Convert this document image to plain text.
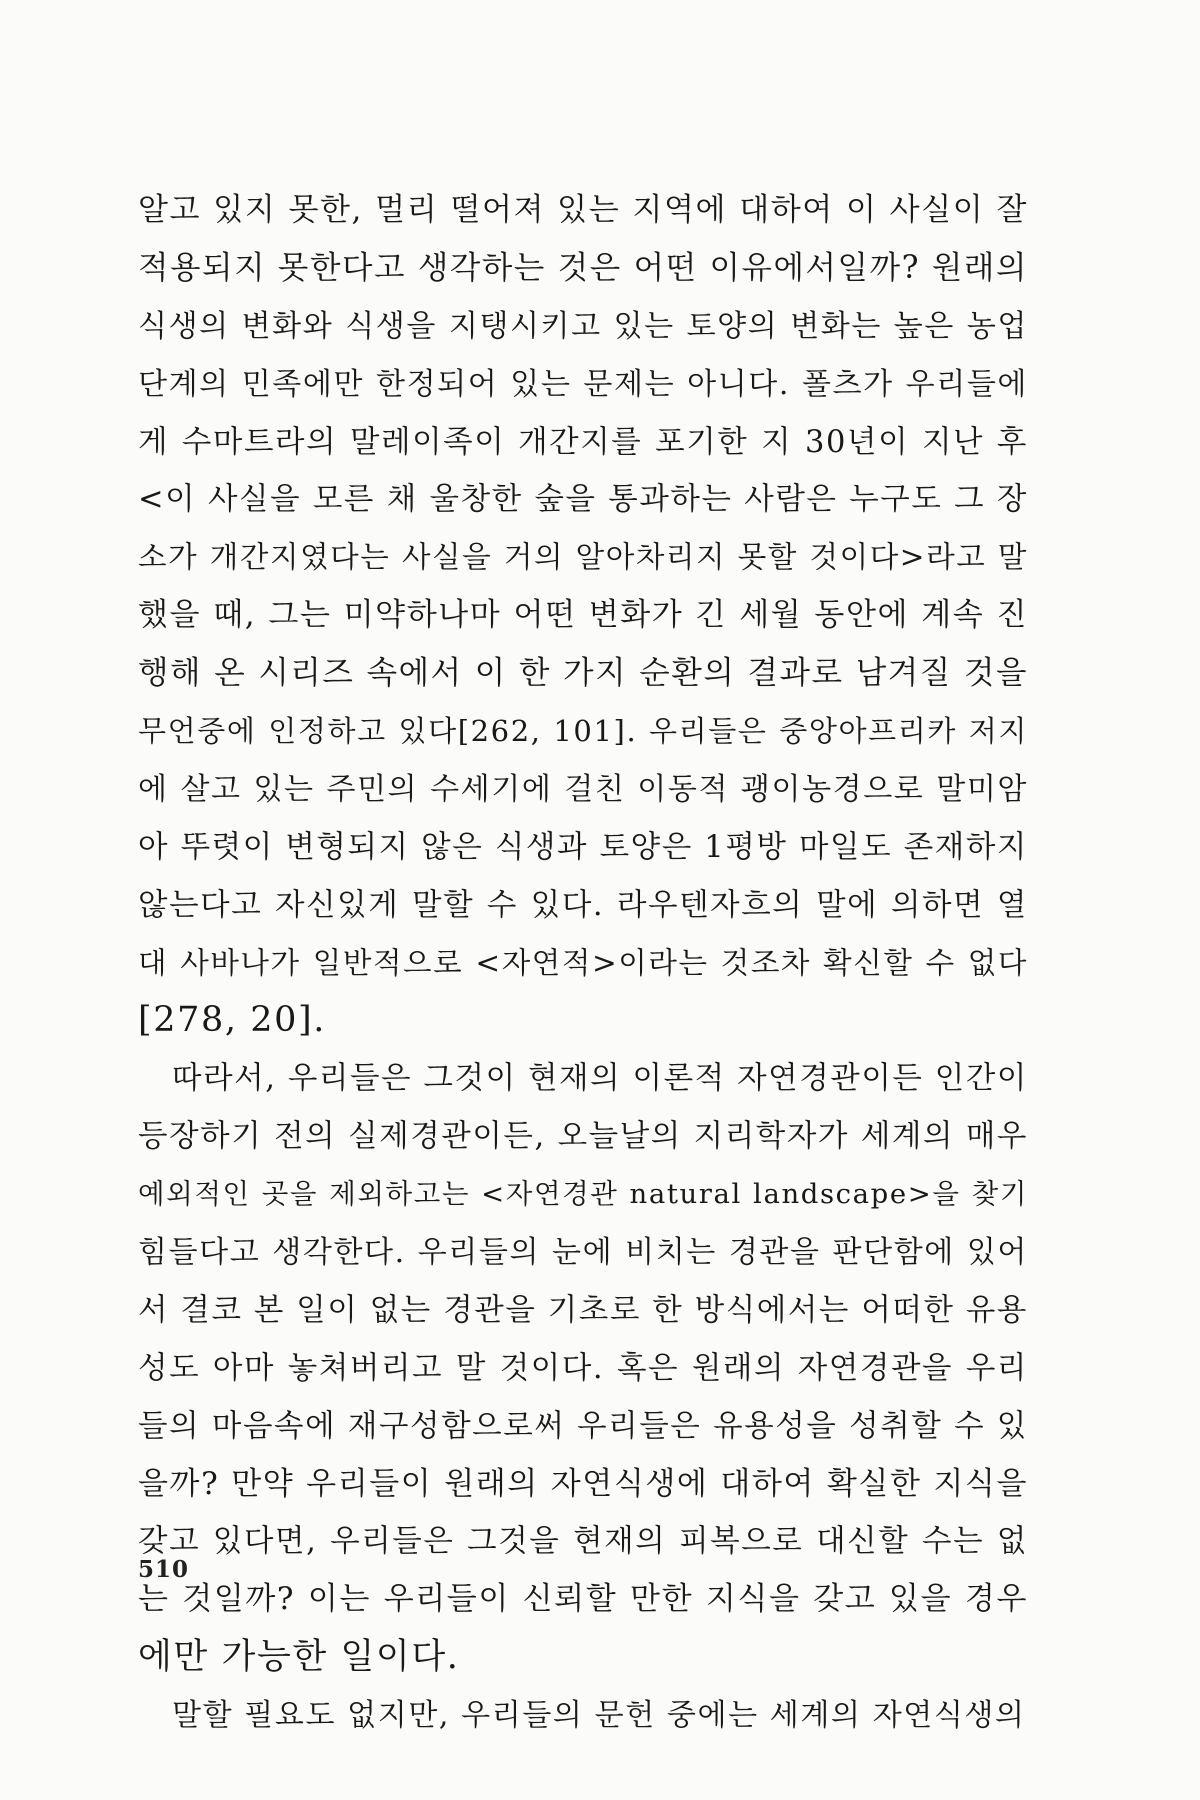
알고 있지 못한, 멀리 떨어져 있는 지역에 대하여 이 사실이 잘
적용되지 못한다고 생각하는 것은 어떤 이유에서일까? 원래의
식생의 변화와 식생을 지탱시키고 있는 토양의 변화는 높은 농업
단계의 민족에만 한정되어 있는 문제는 아니다. 폴츠가 우리들에
게 수마트라의 말레이족이 개간지를 포기한 지 30년이 지난 후
<이 사실을 모른 채 울창한 숲을 통과하는 사람은 누구도 그 장
소가 개간지였다는 사실을 거의 알아차리지 못할 것이다>라고 말
했을 때, 그는 미약하나마 어떤 변화가 긴 세월 동안에 계속 진
행해 온 시리즈 속에서 이 한 가지 순환의 결과로 남겨질 것을
무언중에 인정하고 있다[262, 101]. 우리들은 중앙아프리카 저지
에 살고 있는 주민의 수세기에 걸친 이동적 괭이농경으로 말미암
아 뚜렷이 변형되지 않은 식생과 토양은 1평방 마일도 존재하지
않는다고 자신있게 말할 수 있다. 라우텐자흐의 말에 의하면 열
대 사바나가 일반적으로 <자연적>이라는 것조차 확신할 수 없다
[278, 20].
따라서, 우리들은 그것이 현재의 이론적 자연경관이든 인간이
등장하기 전의 실제경관이든, 오늘날의 지리학자가 세계의 매우
예외적인 곳을 제외하고는 <자연경관 natural landscape>을 찾기
힘들다고 생각한다. 우리들의 눈에 비치는 경관을 판단함에 있어
서 결코 본 일이 없는 경관을 기초로 한 방식에서는 어떠한 유용
성도 아마 놓쳐버리고 말 것이다. 혹은 원래의 자연경관을 우리
들의 마음속에 재구성함으로써 우리들은 유용성을 성취할 수 있
을까? 만약 우리들이 원래의 자연식생에 대하여 확실한 지식을
갖고 있다면, 우리들은 그것을 현재의 피복으로 대신할 수는 없
는 것일까? 이는 우리들이 신뢰할 만한 지식을 갖고 있을 경우
에만 가능한 일이다.
말할 필요도 없지만, 우리들의 문헌 중에는 세계의 자연식생의
510
